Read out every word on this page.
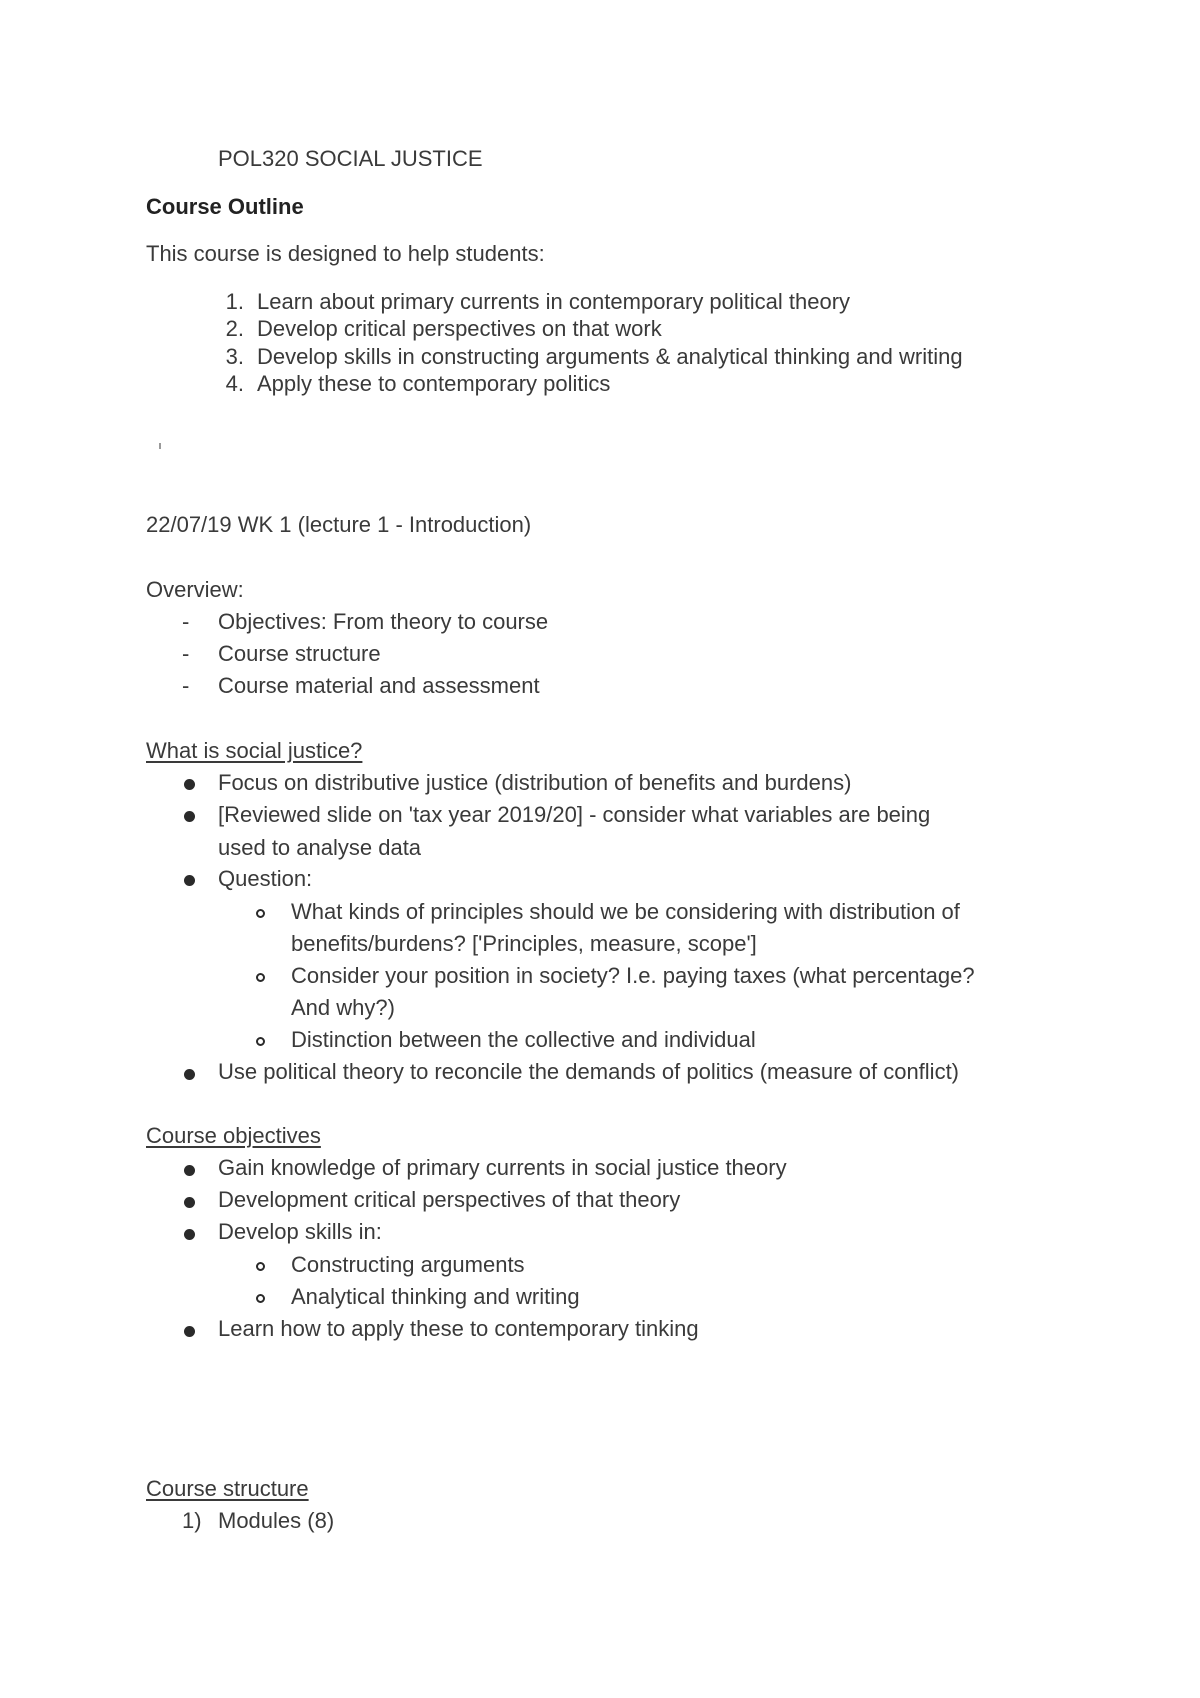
POL320 SOCIAL JUSTICE
Course Outline
This course is designed to help students:
1. Learn about primary currents in contemporary political theory
2. Develop critical perspectives on that work
3. Develop skills in constructing arguments & analytical thinking and writing
4. Apply these to contemporary politics
22/07/19 WK 1 (lecture 1 - Introduction)
Overview:
- Objectives: From theory to course
- Course structure
- Course material and assessment
What is social justice?
Focus on distributive justice (distribution of benefits and burdens)
[Reviewed slide on 'tax year 2019/20] - consider what variables are being
used to analyse data
Question:
What kinds of principles should we be considering with distribution of
benefits/burdens? ['Principles, measure, scope']
Consider your position in society? I.e. paying taxes (what percentage?
And why?)
Distinction between the collective and individual
Use political theory to reconcile the demands of politics (measure of conflict)
Course objectives
Gain knowledge of primary currents in social justice theory
Development critical perspectives of that theory
Develop skills in:
Constructing arguments
Analytical thinking and writing
Learn how to apply these to contemporary tinking
Course structure
1) Modules (8)
